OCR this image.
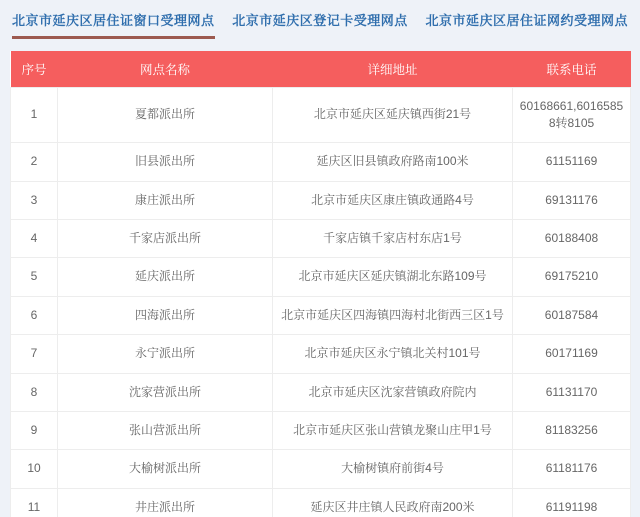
北京市延庆区居住证窗口受理网点 北京市延庆区登记卡受理网点 北京市延庆区居住证网约受理网点
序号	网点名称	详细地址	联系电话
1	夏都派出所	北京市延庆区延庆镇西街21号	60168661,60165858转8105
2	旧县派出所	延庆区旧县镇政府路南100米	61151169
3	康庄派出所	北京市延庆区康庄镇政通路4号	69131176
4	千家店派出所	千家店镇千家店村东店1号	60188408
5	延庆派出所	北京市延庆区延庆镇湖北东路109号	69175210
6	四海派出所	北京市延庆区四海镇四海村北街西三区1号	60187584
7	永宁派出所	北京市延庆区永宁镇北关村101号	60171169
8	沈家营派出所	北京市延庆区沈家营镇政府院内	61131170
9	张山营派出所	北京市延庆区张山营镇龙聚山庄甲1号	81183256
10	大榆树派出所	大榆树镇府前街4号	61181176
11	井庄派出所	延庆区井庄镇人民政府南200米	61191198
